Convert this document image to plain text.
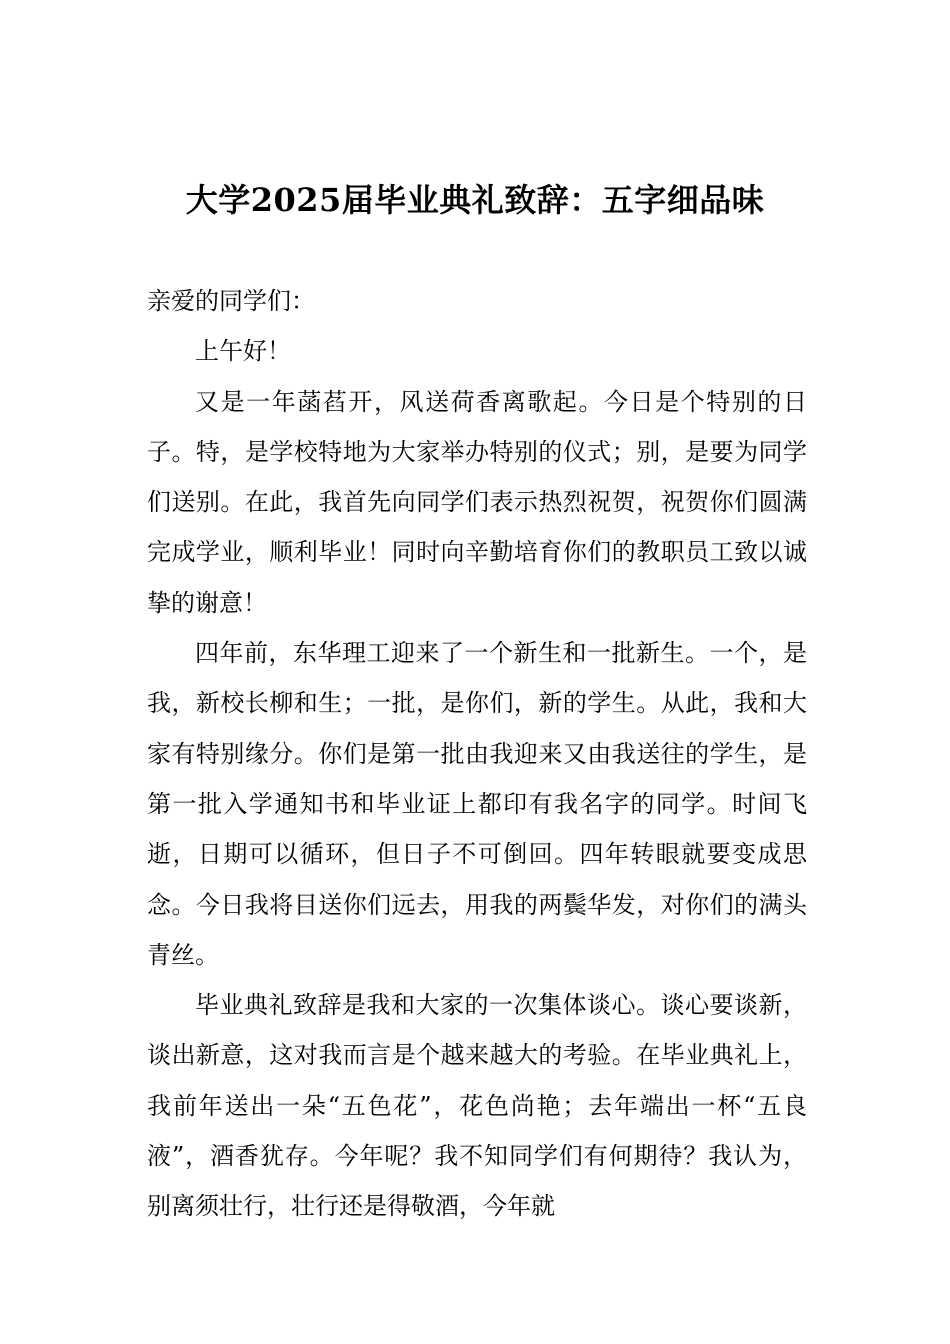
大学2025届毕业典礼致辞：五字细品味

亲爱的同学们：

上午好！

又是一年菡萏开，风送荷香离歌起。今日是个特别的日子。特，是学校特地为大家举办特别的仪式；别，是要为同学们送别。在此，我首先向同学们表示热烈祝贺，祝贺你们圆满完成学业，顺利毕业！同时向辛勤培育你们的教职员工致以诚挚的谢意！

四年前，东华理工迎来了一个新生和一批新生。一个，是我，新校长柳和生；一批，是你们，新的学生。从此，我和大家有特别缘分。你们是第一批由我迎来又由我送往的学生，是第一批入学通知书和毕业证上都印有我名字的同学。时间飞逝，日期可以循环，但日子不可倒回。四年转眼就要变成思念。今日我将目送你们远去，用我的两鬓华发，对你们的满头青丝。

毕业典礼致辞是我和大家的一次集体谈心。谈心要谈新，谈出新意，这对我而言是个越来越大的考验。在毕业典礼上，我前年送出一朵“五色花”，花色尚艳；去年端出一杯“五良液”，酒香犹存。今年呢？我不知同学们有何期待？我认为，别离须壮行，壮行还是得敬酒，今年就
